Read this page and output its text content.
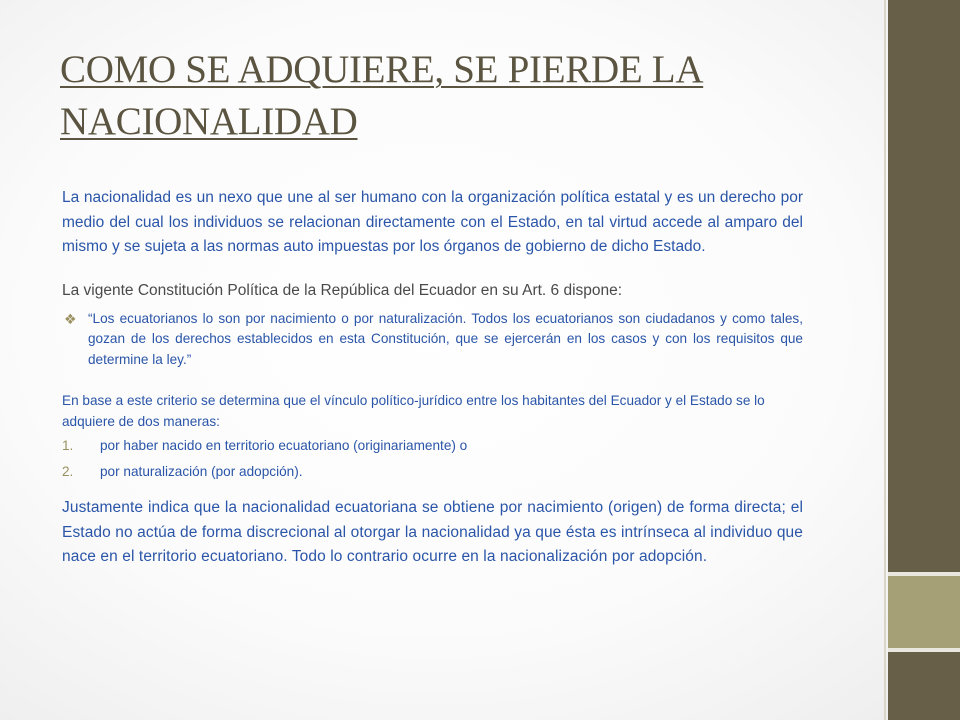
COMO SE ADQUIERE, SE PIERDE LA NACIONALIDAD

La nacionalidad es un nexo que une al ser humano con la organización política estatal y es un derecho por medio del cual los individuos se relacionan directamente con el Estado, en tal virtud accede al amparo del mismo y se sujeta a las normas auto impuestas por los órganos de gobierno de dicho Estado.

La vigente Constitución Política de la República del Ecuador en su Art. 6 dispone:

❖ “Los ecuatorianos lo son por nacimiento o por naturalización. Todos los ecuatorianos son ciudadanos y como tales, gozan de los derechos establecidos en esta Constitución, que se ejercerán en los casos y con los requisitos que determine la ley.”

En base a este criterio se determina que el vínculo político-jurídico entre los habitantes del Ecuador y el Estado se lo adquiere de dos maneras:

1. por haber nacido en territorio ecuatoriano (originariamente) o
2. por naturalización (por adopción).

Justamente indica que la nacionalidad ecuatoriana se obtiene por nacimiento (origen) de forma directa; el Estado no actúa de forma discrecional al otorgar la nacionalidad ya que ésta es intrínseca al individuo que nace en el territorio ecuatoriano. Todo lo contrario ocurre en la nacionalización por adopción.
